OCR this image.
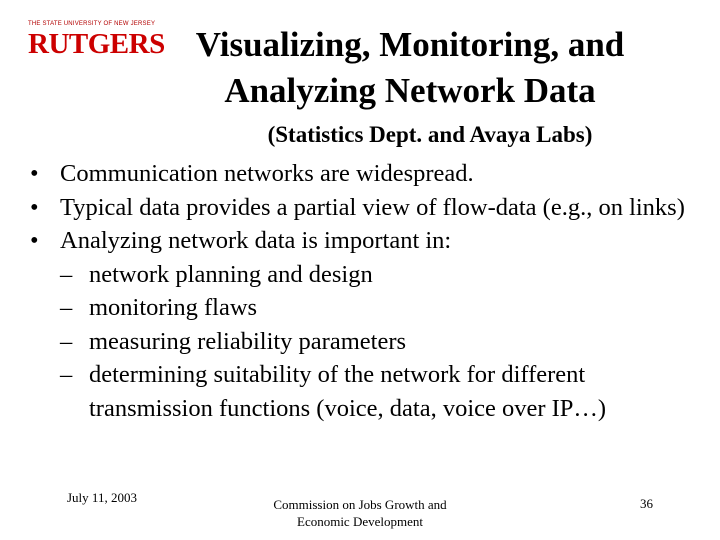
THE STATE UNIVERSITY OF NEW JERSEY
RUTGERS Visualizing, Monitoring, and
Analyzing Network Data
(Statistics Dept. and Avaya Labs)
• Communication networks are widespread.
• Typical data provides a partial view of flow-data (e.g., on links)
• Analyzing network data is important in:
– network planning and design
– monitoring flaws
– measuring reliability parameters
– determining suitability of the network for different transmission functions (voice, data, voice over IP…)
July 11, 2003	Commission on Jobs Growth and
Economic Development
36
